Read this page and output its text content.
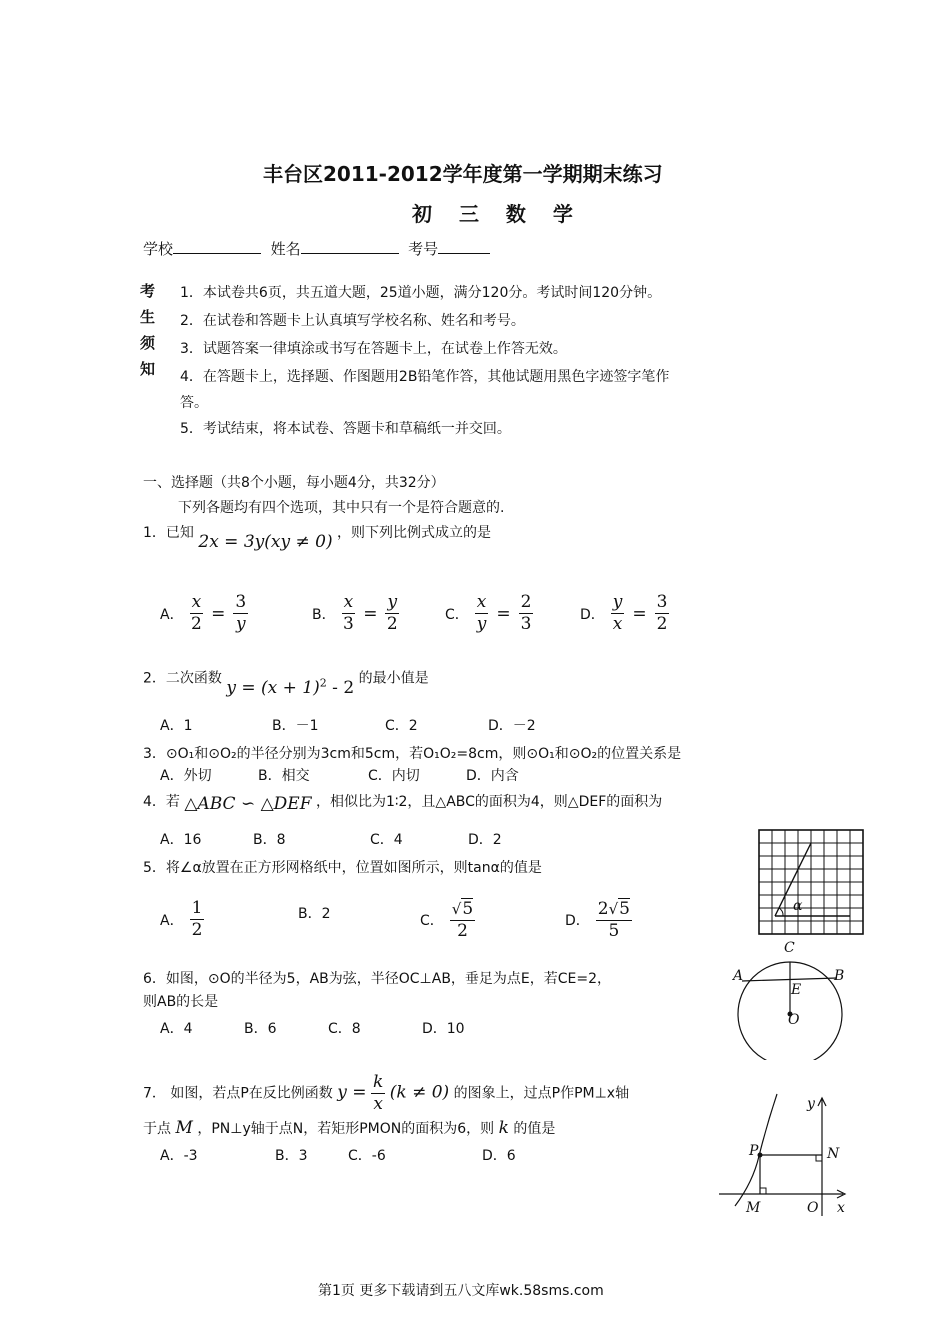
丰台区2011-2012学年度第一学期期末练习
初 三 数 学
学校	姓名	考号
考
生
须
知
1．本试卷共6页，共五道大题，25道小题，满分120分。考试时间120分钟。
2．在试卷和答题卡上认真填写学校名称、姓名和考号。
3．试题答案一律填涂或书写在答题卡上，在试卷上作答无效。
4．在答题卡上，选择题、作图题用2B铅笔作答，其他试题用黑色字迹签字笔作
答。
5．考试结束，将本试卷、答题卡和草稿纸一并交回。
一、选择题（共8个小题，每小题4分，共32分）
下列各题均有四个选项，其中只有一个是符合题意的.
1．已知 2x = 3y(xy ≠ 0) ，则下列比例式成立的是
A． $\frac{x}{2} = \frac{3}{y}$	B． $\frac{x}{3} = \frac{y}{2}$	C． $\frac{x}{y} = \frac{2}{3}$	D． $\frac{y}{x} = \frac{3}{2}$
2．二次函数 $y = (x + 1)^2 - 2$ 的最小值是
A．1	B．－1	C．2	D．－2
3．⊙O₁和⊙O₂的半径分别为3cm和5cm，若O₁O₂=8cm，则⊙O₁和⊙O₂的位置关系是
A．外切	B．相交	C．内切	D．内含
4．若 △ABC ∽ △DEF ，相似比为1∶2，且△ABC的面积为4，则△DEF的面积为
A．16	B．8	C．4	D．2
5．将∠α放置在正方形网格纸中，位置如图所示，则tanα的值是
A． $\frac{1}{2}$	B．2	C． $\frac{√5}{2}$	D． $\frac{2√5}{5}$	α
6．如图，⊙O的半径为5，AB为弦，半径OC⊥AB，垂足为点E，若CE=2，
则AB的长是
A．4	B．6	C．8	D．10
C
A	B
E
O
7． 如图，若点P在反比例函数 $y = \frac{k}{x} (k \ne 0)$ 的图象上，过点P作PM⊥x轴
于点 M ，PN⊥y轴于点N，若矩形PMON的面积为6，则 k 的值是
A．-3	B．3	C．-6	D．6
y
P	N
M	O x
第1页 更多下载请到五八文库wk.58sms.com
